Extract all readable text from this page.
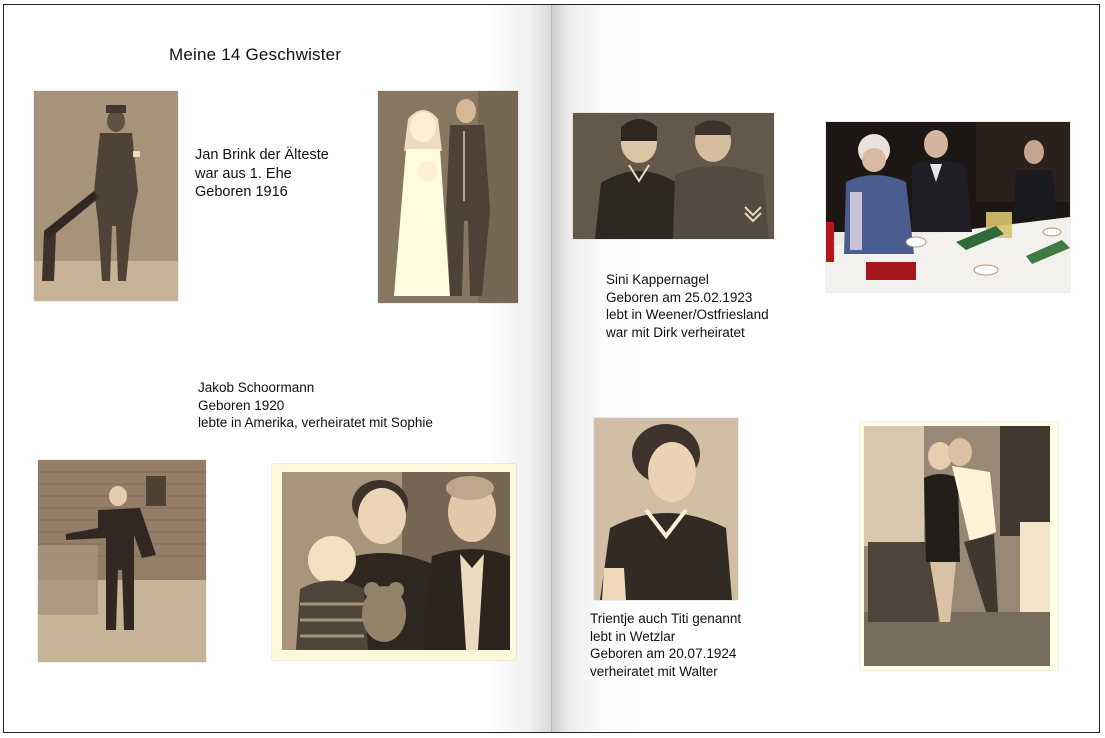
Meine 14 Geschwister
Jan Brink der Älteste
war aus 1. Ehe
Geboren 1916
Jakob Schoormann
Geboren 1920
lebte in Amerika, verheiratet mit Sophie
Sini Kappernagel
Geboren am 25.02.1923
lebt in Weener/Ostfriesland
war mit Dirk verheiratet
Trientje auch Titi genannt
lebt in Wetzlar
Geboren am 20.07.1924
verheiratet mit Walter
